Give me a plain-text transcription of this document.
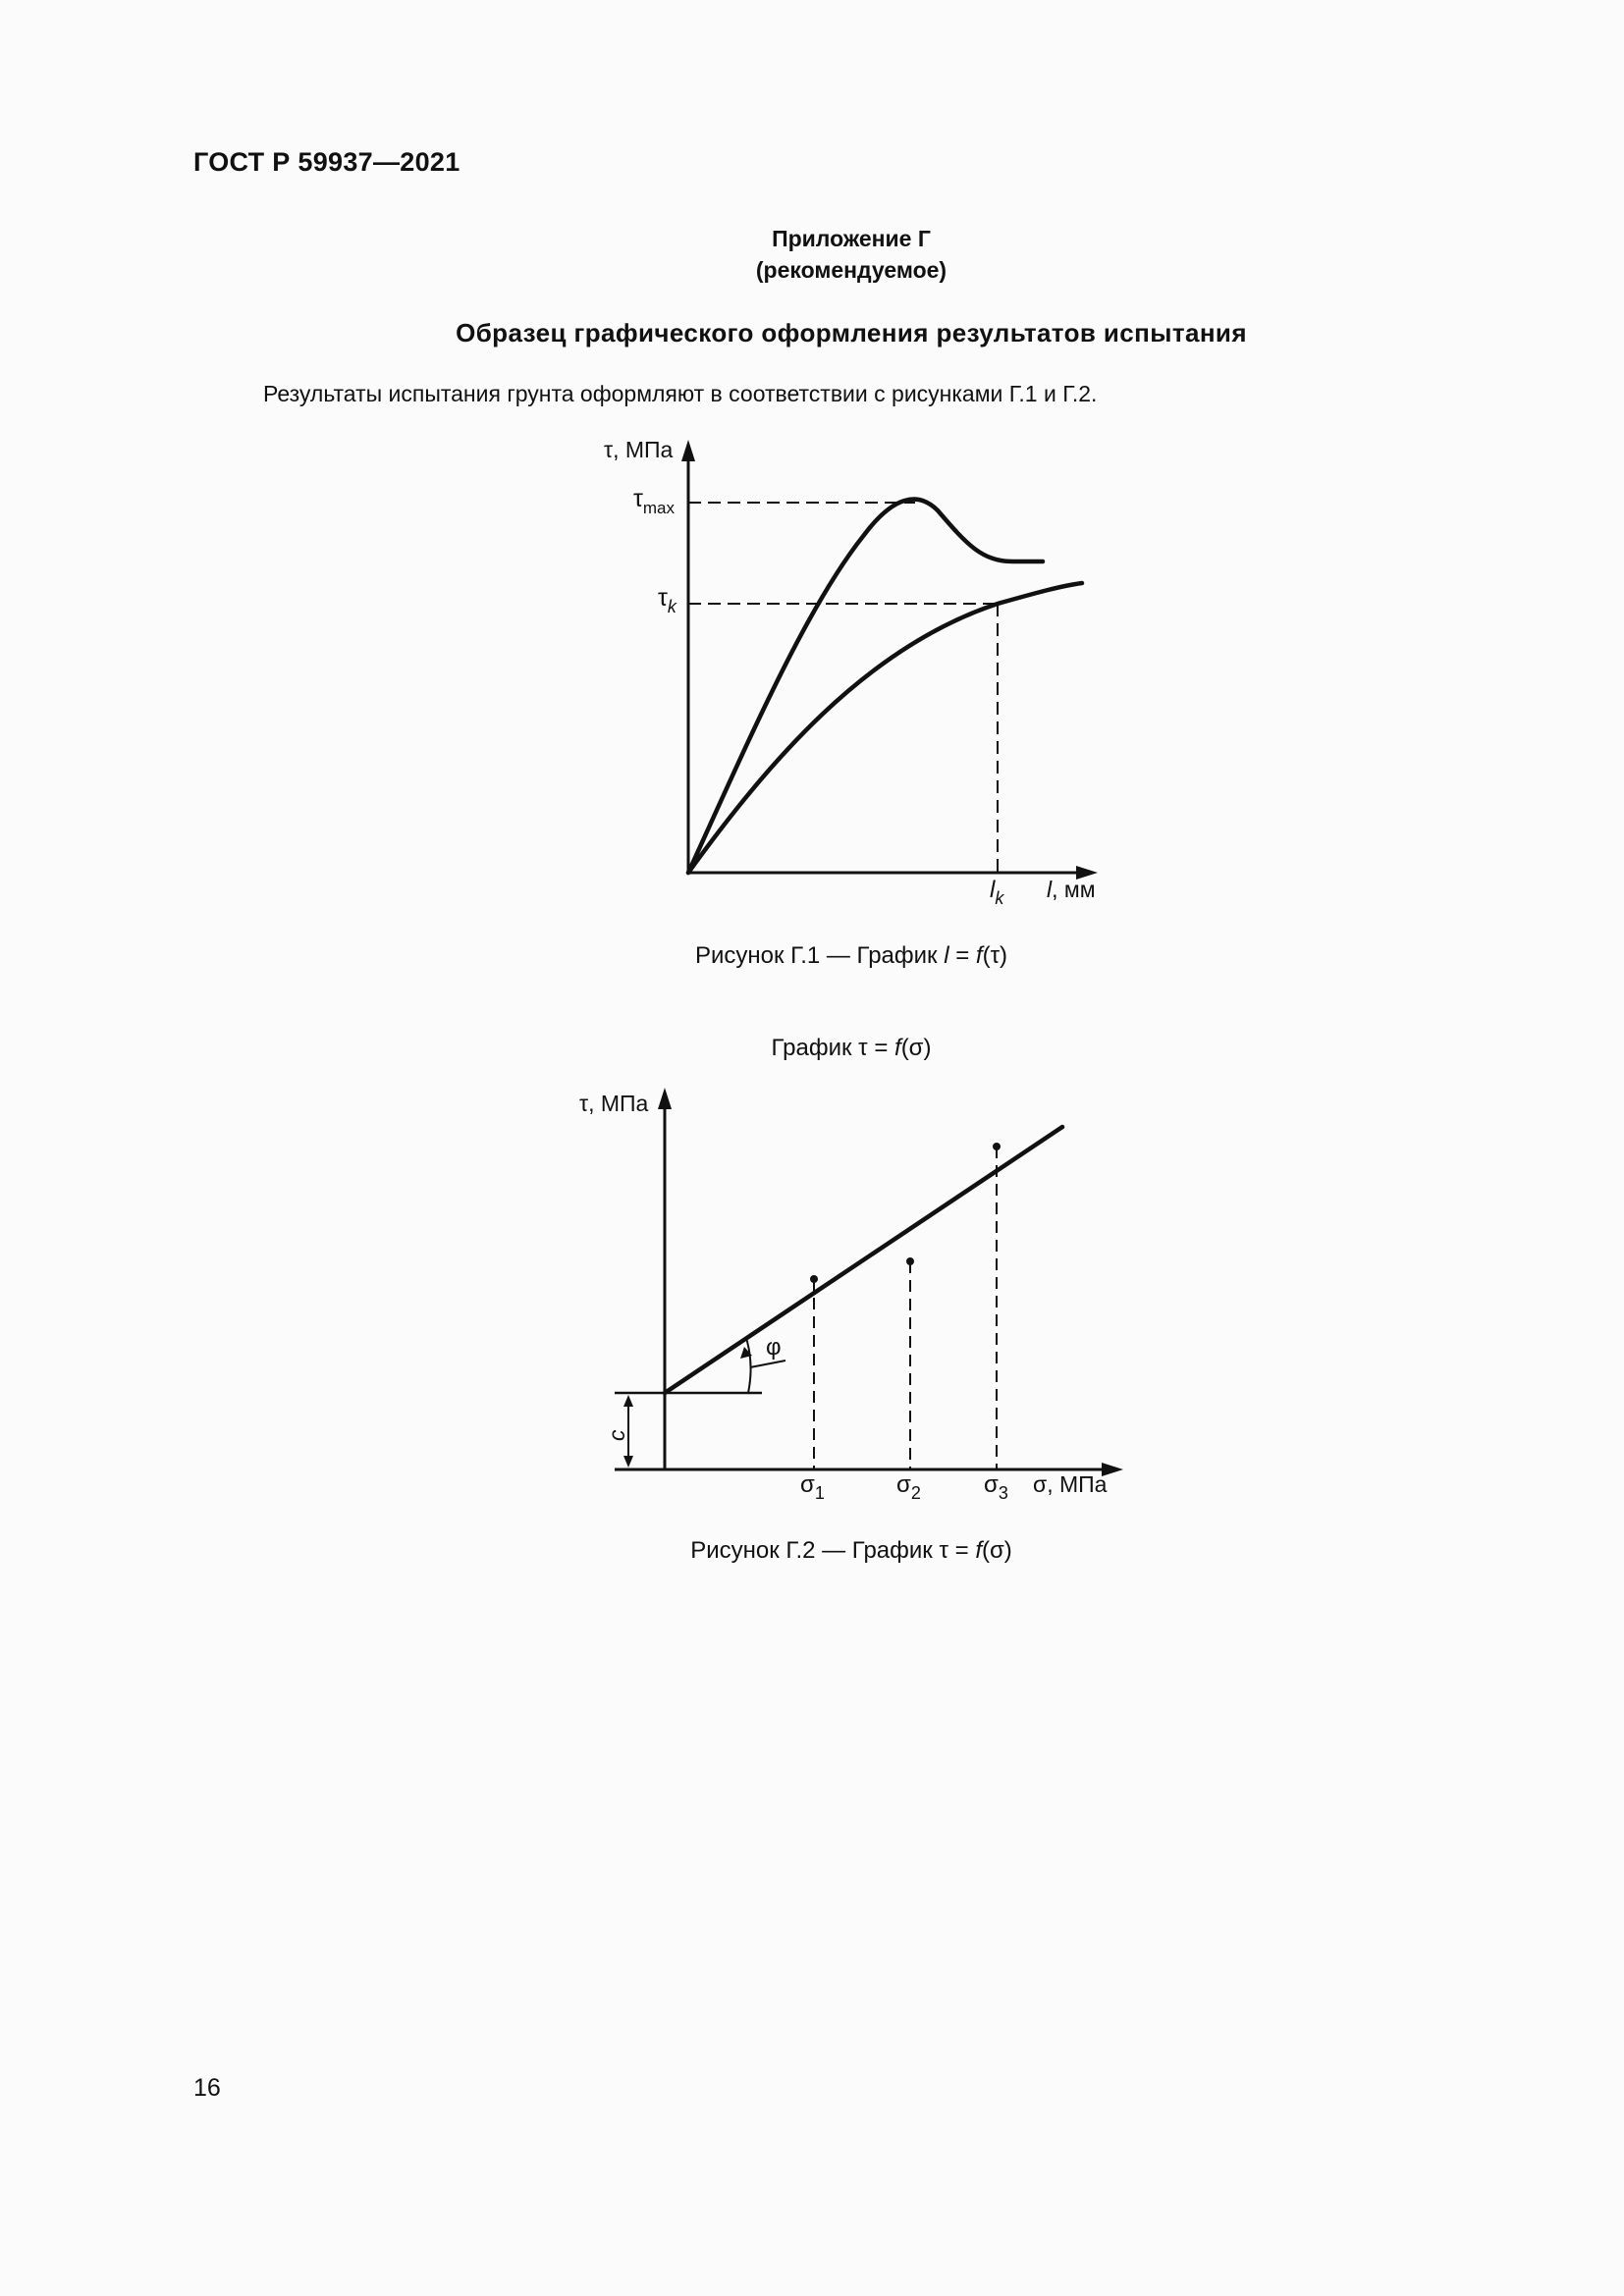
ГОСТ Р 59937—2021
Приложение Г
(рекомендуемое)
Образец графического оформления результатов испытания
Результаты испытания грунта оформляют в соответствии с рисунками Г.1 и Г.2.
τ, МПа
$\tau_{max}$
$\tau_k$
$l_k$ l, мм
Рисунок Г.1 — График l = f(τ)
График τ = f(σ)
τ, МПа
φ
c
$\sigma_1$	$\sigma_2$	$\sigma_3$ σ, МПа
Рисунок Г.2 — График τ = f(σ)
16
